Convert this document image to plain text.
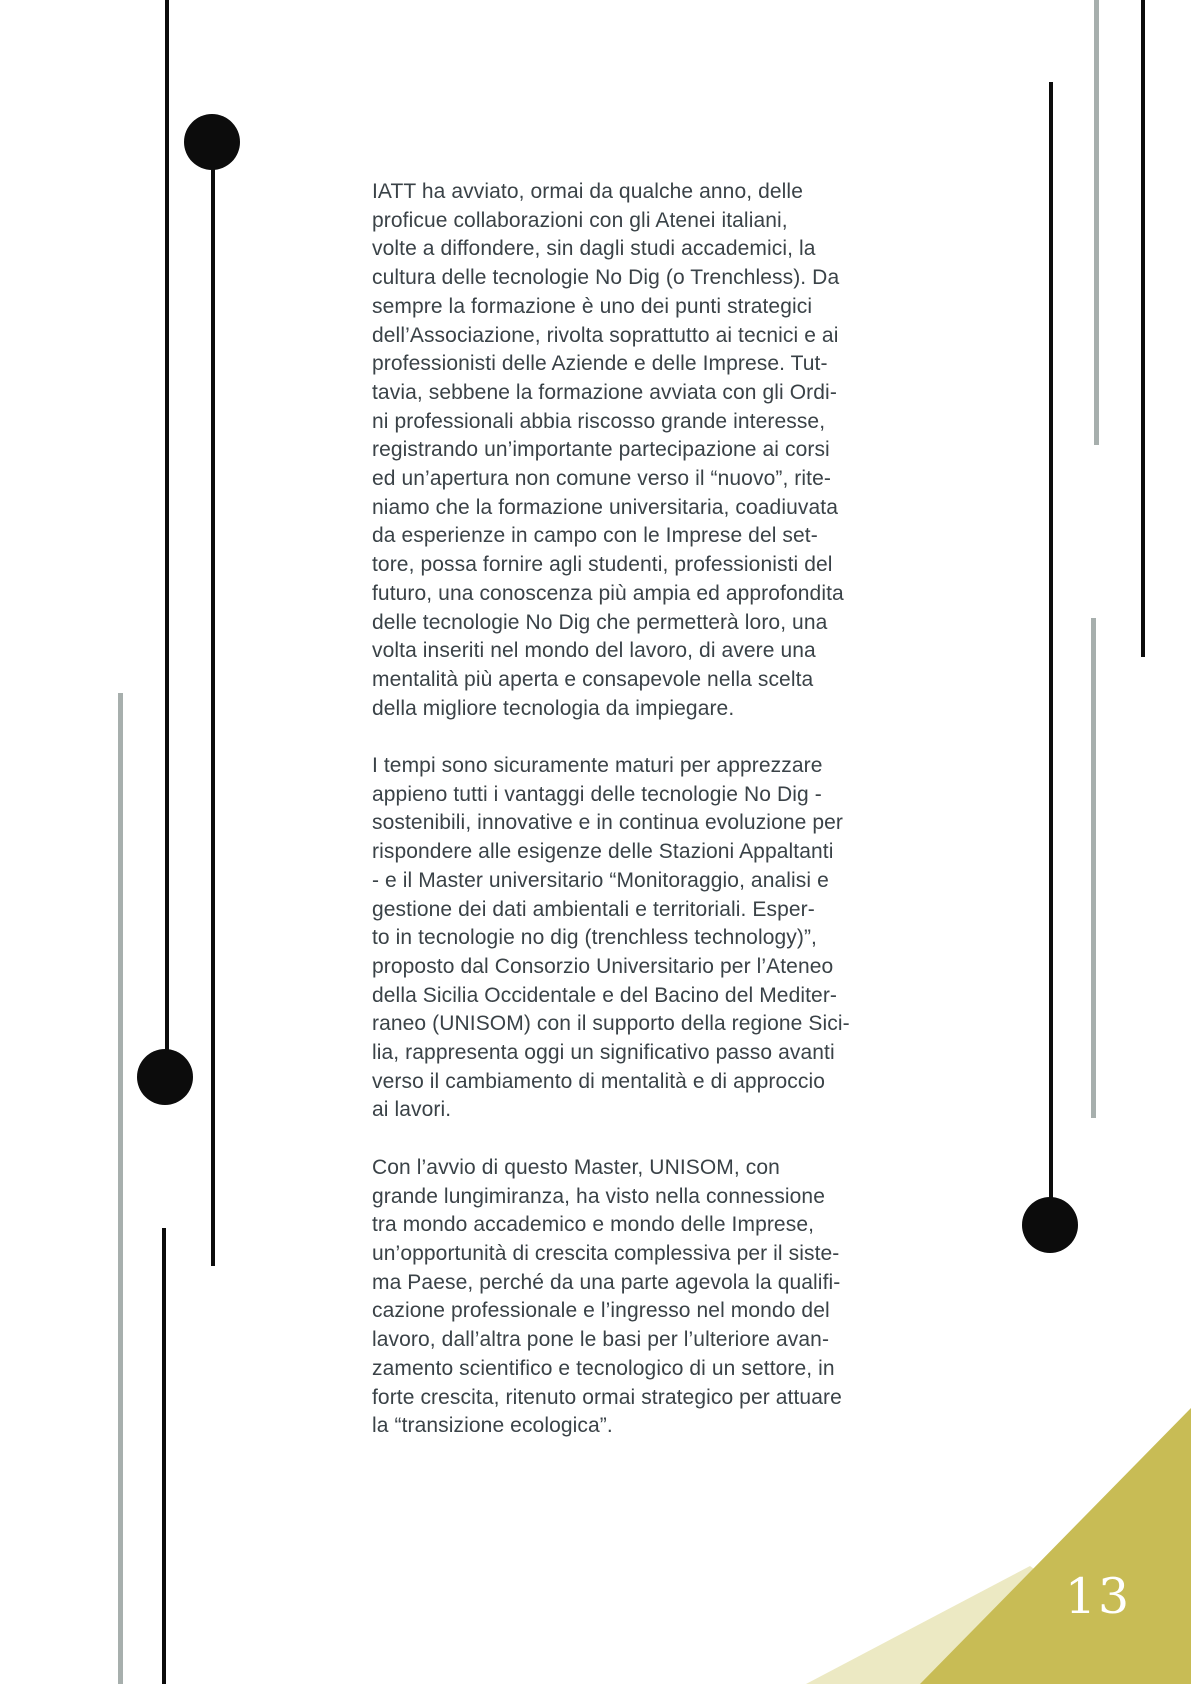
13
IATT ha avviato, ormai da qualche anno, delle
proficue collaborazioni con gli Atenei italiani,
volte a diffondere, sin dagli studi accademici, la
cultura delle tecnologie No Dig (o Trenchless). Da
sempre la formazione è uno dei punti strategici
dell’Associazione, rivolta soprattutto ai tecnici e ai
professionisti delle Aziende e delle Imprese. Tut-
tavia, sebbene la formazione avviata con gli Ordi-
ni professionali abbia riscosso grande interesse,
registrando un’importante partecipazione ai corsi
ed un’apertura non comune verso il “nuovo”, rite-
niamo che la formazione universitaria, coadiuvata
da esperienze in campo con le Imprese del set-
tore, possa fornire agli studenti, professionisti del
futuro, una conoscenza più ampia ed approfondita
delle tecnologie No Dig che permetterà loro, una
volta inseriti nel mondo del lavoro, di avere una
mentalità più aperta e consapevole nella scelta
della migliore tecnologia da impiegare.
I tempi sono sicuramente maturi per apprezzare
appieno tutti i vantaggi delle tecnologie No Dig -
sostenibili, innovative e in continua evoluzione per
rispondere alle esigenze delle Stazioni Appaltanti
- e il Master universitario “Monitoraggio, analisi e
gestione dei dati ambientali e territoriali. Esper-
to in tecnologie no dig (trenchless technology)”,
proposto dal Consorzio Universitario per l’Ateneo
della Sicilia Occidentale e del Bacino del Mediter-
raneo (UNISOM) con il supporto della regione Sici-
lia, rappresenta oggi un significativo passo avanti
verso il cambiamento di mentalità e di approccio
ai lavori.
Con l’avvio di questo Master, UNISOM, con
grande lungimiranza, ha visto nella connessione
tra mondo accademico e mondo delle Imprese,
un’opportunità di crescita complessiva per il siste-
ma Paese, perché da una parte agevola la qualifi-
cazione professionale e l’ingresso nel mondo del
lavoro, dall’altra pone le basi per l’ulteriore avan-
zamento scientifico e tecnologico di un settore, in
forte crescita, ritenuto ormai strategico per attuare
la “transizione ecologica”.
